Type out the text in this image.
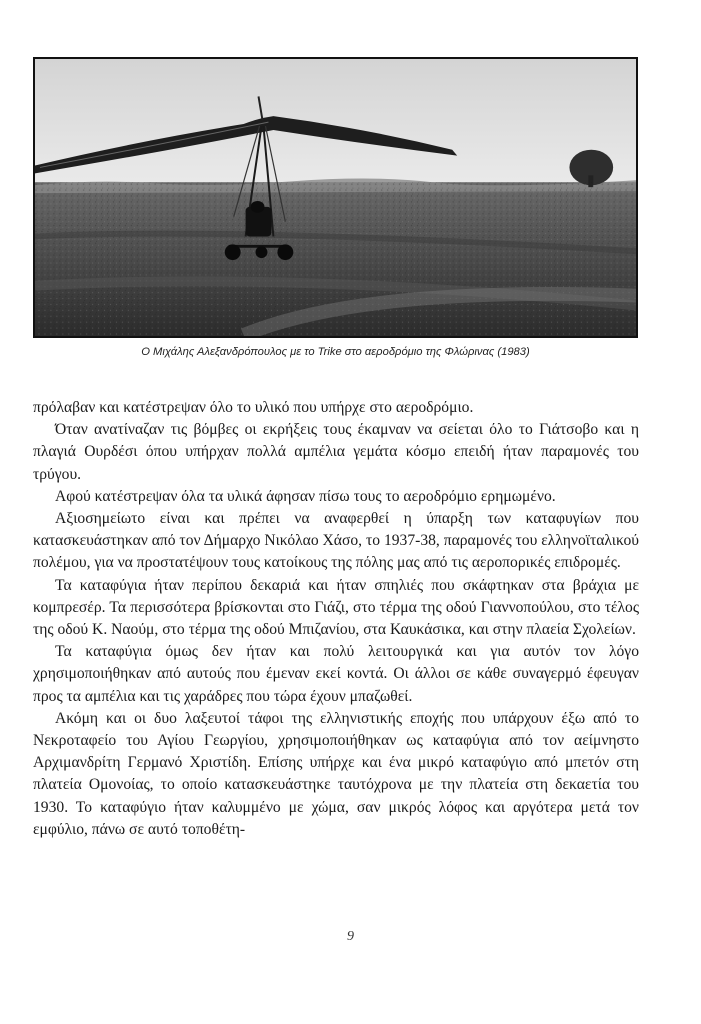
Ο Μιχάλης Αλεξανδρόπουλος με το Trike στο αεροδρόμιο της Φλώρινας (1983)

πρόλαβαν και κατέστρεψαν όλο το υλικό που υπήρχε στο αεροδρόμιο.

Όταν ανατίναζαν τις βόμβες οι εκρήξεις τους έκαμναν να σείεται όλο το Γιάτσοβο και η πλαγιά Ουρδέσι όπου υπήρχαν πολλά αμπέλια γεμάτα κόσμο επειδή ήταν παραμονές του τρύγου.

Αφού κατέστρεψαν όλα τα υλικά άφησαν πίσω τους το αεροδρόμιο ερημωμένο.

Αξιοσημείωτο είναι και πρέπει να αναφερθεί η ύπαρξη των καταφυγίων που κατασκευάστηκαν από τον Δήμαρχο Νικόλαο Χάσο, το 1937-38, παραμονές του ελληνοϊταλικού πολέμου, για να προστατέψουν τους κατοίκους της πόλης μας από τις αεροπορικές επιδρομές.

Τα καταφύγια ήταν περίπου δεκαριά και ήταν σπηλιές που σκάφτηκαν στα βράχια με κομπρεσέρ. Τα περισσότερα βρίσκονται στο Γιάζι, στο τέρμα της οδού Γιαννοπούλου, στο τέλος της οδού Κ. Ναούμ, στο τέρμα της οδού Μπιζανίου, στα Καυκάσικα, και στην πλαεία Σχολείων.

Τα καταφύγια όμως δεν ήταν και πολύ λειτουργικά και για αυτόν τον λόγο χρησιμοποιήθηκαν από αυτούς που έμεναν εκεί κοντά. Οι άλλοι σε κάθε συναγερμό έφευγαν προς τα αμπέλια και τις χαράδρες που τώρα έχουν μπαζωθεί.

Ακόμη και οι δυο λαξευτοί τάφοι της ελληνιστικής εποχής που υπάρχουν έξω από το Νεκροταφείο του Αγίου Γεωργίου, χρησιμοποιήθηκαν ως καταφύγια από τον αείμνηστο Αρχιμανδρίτη Γερμανό Χριστίδη. Επίσης υπήρχε και ένα μικρό καταφύγιο από μπετόν στη πλατεία Ομονοίας, το οποίο κατασκευάστηκε ταυτόχρονα με την πλατεία στη δεκαετία του 1930. Το καταφύγιο ήταν καλυμμένο με χώμα, σαν μικρός λόφος και αργότερα μετά τον εμφύλιο, πάνω σε αυτό τοποθέτη-

9
